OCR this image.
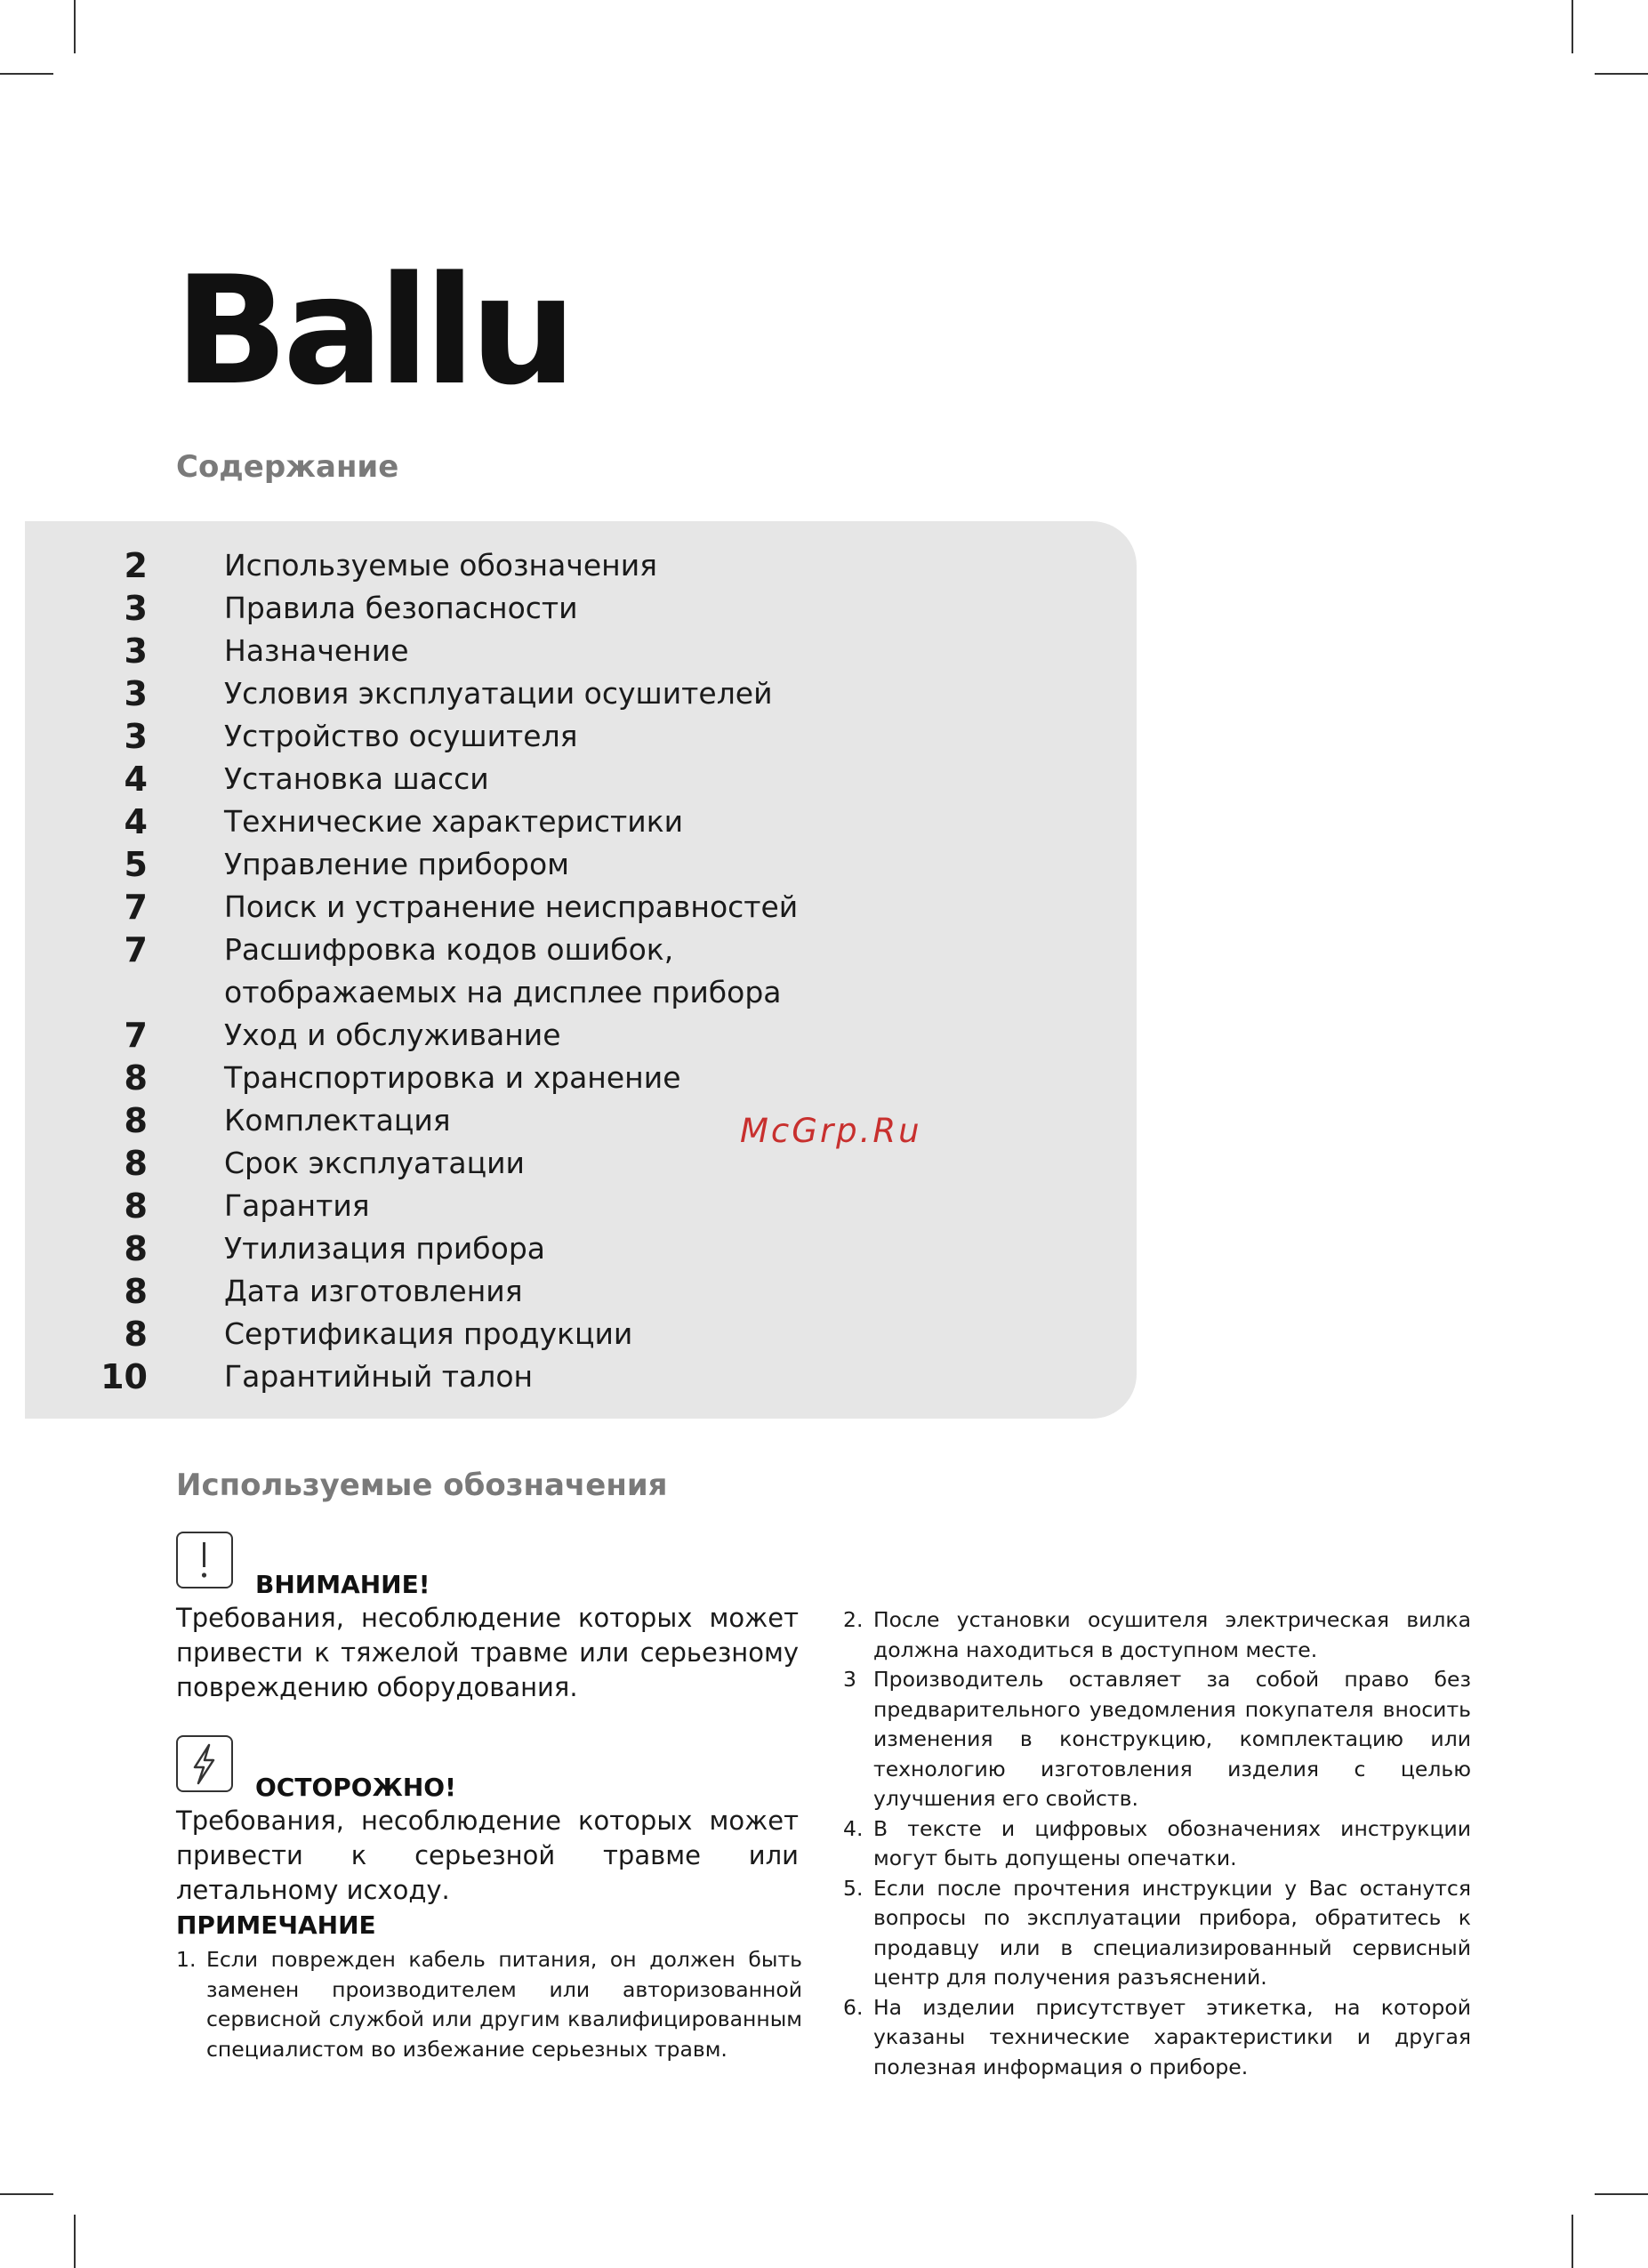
Ballu
Содержание
2	Используемые обозначения
3	Правила безопасности
3	Назначение
3	Условия эксплуатации осушителей
3	Устройство осушителя
4	Установка шасси
4	Технические характеристики
5	Управление прибором
7	Поиск и устранение неисправностей
7	Расшифровка кодов ошибок,
отображаемых на дисплее прибора
7	Уход и обслуживание
8	Транспортировка и хранение
8	Комплектация
8	Срок эксплуатации
8	Гарантия
8	Утилизация прибора
8	Дата изготовления
8	Сертификация продукции
10	Гарантийный талон

McGrp.Ru

Используемые обозначения

ВНИМАНИЕ!

Требования, несоблюдение которых может привести к тяжелой травме или серьезному повреждению оборудования.

ОСТОРОЖНО!

Требования, несоблюдение которых может привести к серьезной травме или летальному исходу.

ПРИМЕЧАНИЕ

1. Если поврежден кабель питания, он должен быть заменен производителем или авторизованной сервисной службой или другим квалифицированным специалистом во избежание серьезных травм.
2. После установки осушителя электрическая вилка должна находиться в доступном месте.
3 Производитель оставляет за собой право без предварительного уведомления покупателя вносить изменения в конструкцию, комплектацию или технологию изготовления изделия с целью улучшения его свойств.
4. В тексте и цифровых обозначениях инструкции могут быть допущены опечатки.
5. Если после прочтения инструкции у Вас останутся вопросы по эксплуатации прибора, обратитесь к продавцу или в специализированный сервисный центр для получения разъяснений.
6. На изделии присутствует этикетка, на которой указаны технические характеристики и другая полезная информация о приборе.
